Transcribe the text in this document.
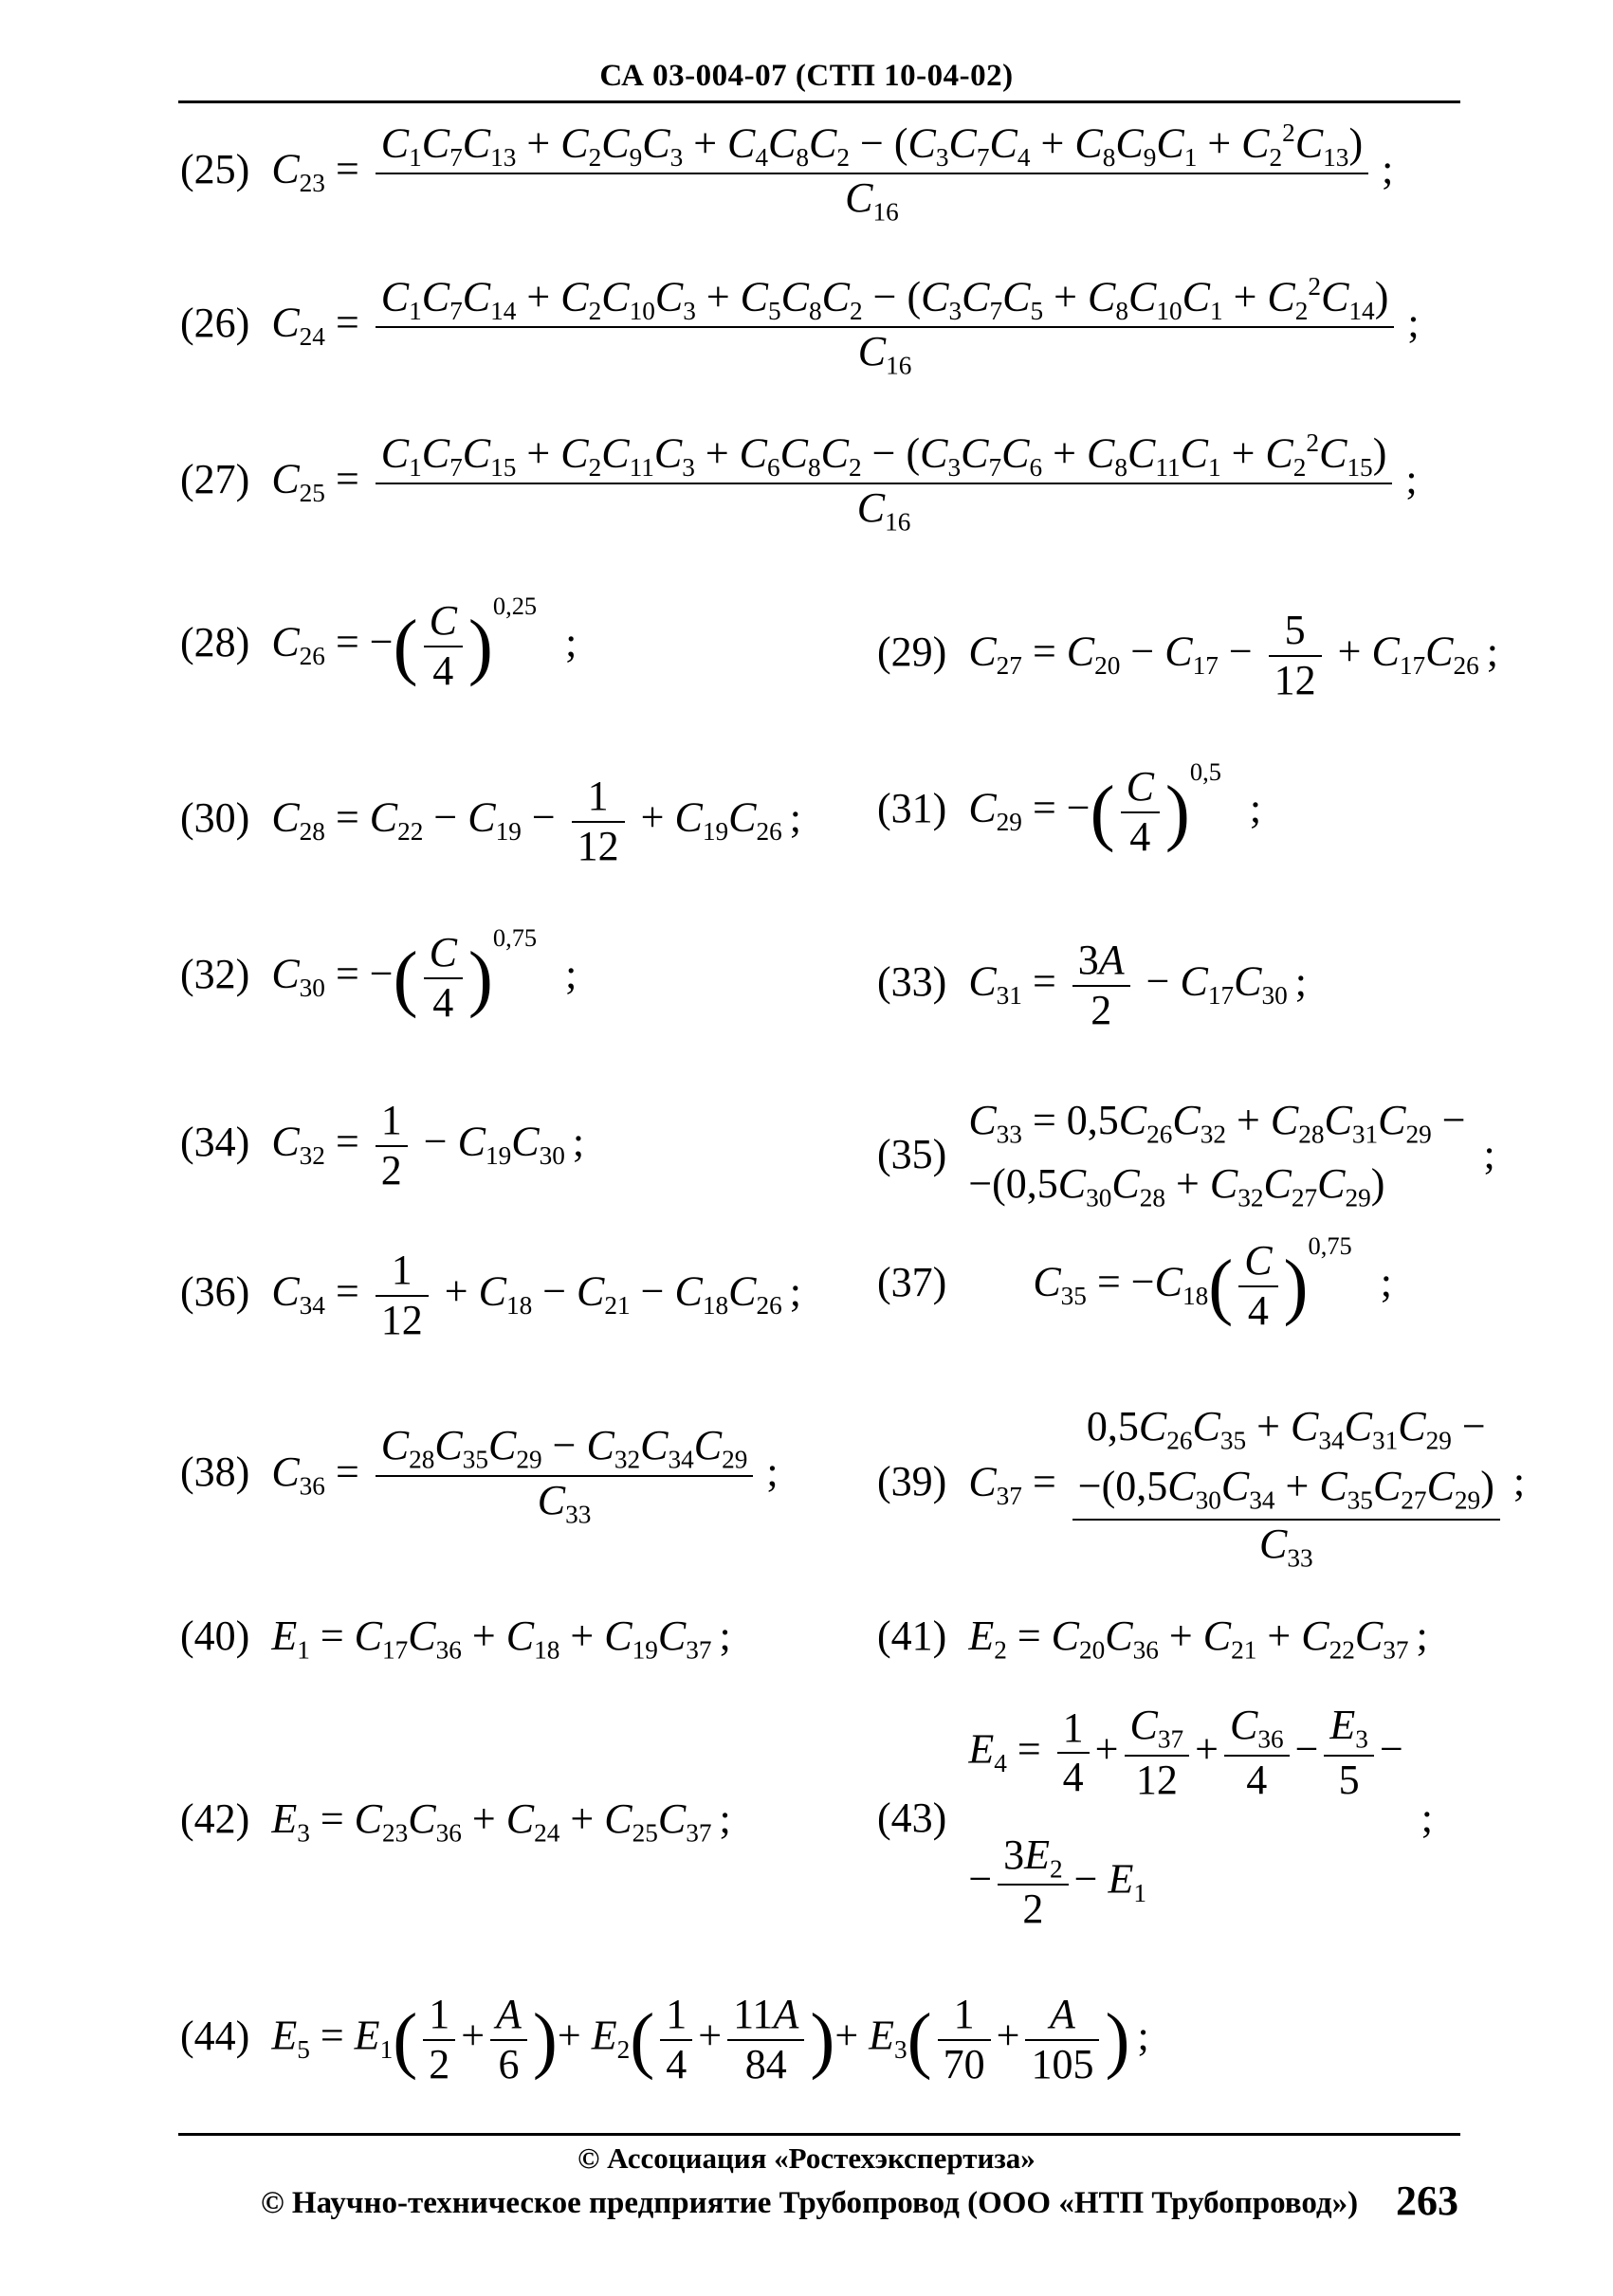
СА 03-004-07 (СТП 10-04-02)
(25) $C_{23} = \frac{C_1C_7C_{13} + C_2C_9C_3 + C_4C_8C_2 - (C_3C_7C_4 + C_8C_9C_1 + C_2^2C_{13})}{C_{16}}$ ;
(26) $C_{24} = \frac{C_1C_7C_{14} + C_2C_{10}C_3 + C_5C_8C_2 - (C_3C_7C_5 + C_8C_{10}C_1 + C_2^2C_{14})}{C_{16}}$ ;
(27) $C_{25} = \frac{C_1C_7C_{15} + C_2C_{11}C_3 + C_6C_8C_2 - (C_3C_7C_6 + C_8C_{11}C_1 + C_2^2C_{15})}{C_{16}}$ ;
(28) $C_{26}$ = −( $\frac{C}{4} )0,25$  ;	(29) $C_{27} = C_{20} - C_{17} - \frac{5}{12} + C_{17}C_{26}$ ;
(30) $C_{28} = C_{22} - C_{19} - \frac{1}{12} + C_{19}C_{26}$ ; (31) $C_{29}$ = −( $\frac{C}{4} )0,5$  ;
(32) $C_{30}$ = −( $\frac{C}{4} )0,75$  ;	(33) $C_{31} = \frac{3A}{2} - C_{17}C_{30}$ ;
(34) $C_{32} = \frac{1}{2} - C_{19}C_{30}$ ;	(35)
$C_{33} = 0,5C_{26}C_{32} + C_{28}C_{31}C_{29}$ −
$-(0,5C_{30}C_{28} + C_{32}C_{27}C_{29})$
;
(36) $C_{34} = \frac{1}{12} + C_{18} - C_{21} - C_{18}C_{26}$ ; (37) $C_{35} = -C_{18}( \frac{C}{4} )0,75$  ;
(38) $C_{36} = \frac{C_{28}C_{35}C_{29} - C_{32}C_{34}C_{29}}{C_{33}}$ ; (39) $C_{37}$ =
$0,5C_{26}C_{35} + C_{34}C_{31}C_{29}$ −
$-(0,5C_{30}C_{34} + C_{35}C_{27}C_{29})$
$C_{33}$
;
(40) $E_1 = C_{17}C_{36} + C_{18} + C_{19}C_{37}$ ;	(41) $E_2 = C_{20}C_{36} + C_{21} + C_{22}C_{37}$ ;
(42) $E_3 = C_{23}C_{36} + C_{24} + C_{25}C_{37}$ ;	(43)
$E_4 = \frac{1}{4} + \frac{C_{37}}{12} + \frac{C_{36}}{4} - \frac{E_3}{5}$ −
− $\frac{3E_2}{2} - E_1$
;
(44) $E_5 = E_1( \frac{1}{2} + \frac{A}{6}$ )+ $E_2( \frac{1}{4} + \frac{11A}{84}$ )+ $E_3( \frac{1}{70} + \frac{A}{105}$ ) ;
© Ассоциация «Ростехэкспертиза»
© Научно-техническое предприятие Трубопровод (ООО «НТП Трубопровод») 263
